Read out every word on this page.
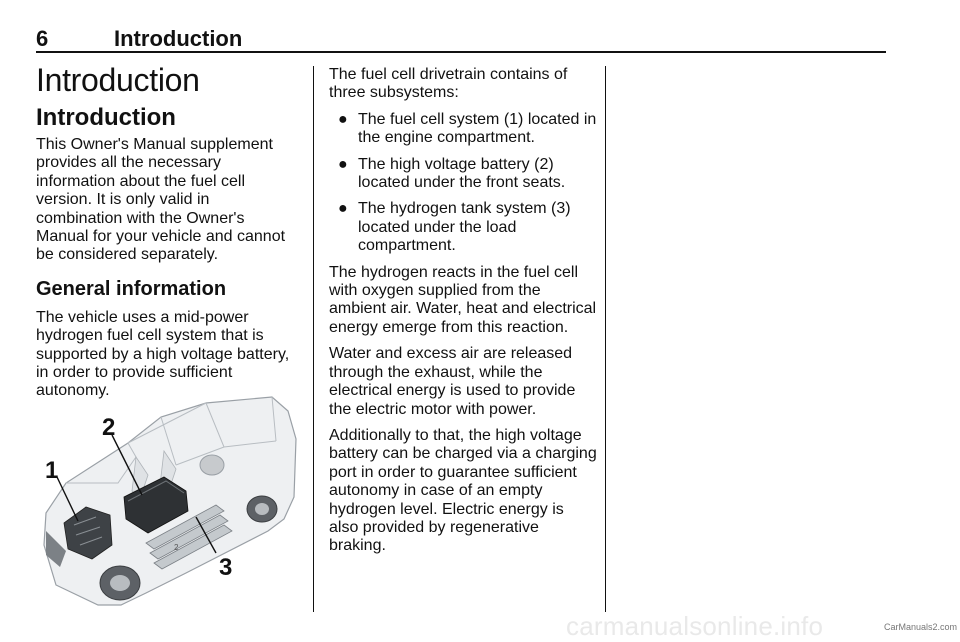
6	Introduction
Introduction
Introduction

This Owner's Manual supplement provides all the necessary information about the fuel cell version. It is only valid in combination with the Owner's Manual for your vehicle and cannot be considered separately.

General information

The vehicle uses a mid-power hydrogen fuel cell system that is supported by a high voltage battery, in order to provide sufficient autonomy.

2
1
2
3

The fuel cell drivetrain contains of three subsystems:

● The fuel cell system (1) located in the engine compartment.
● The high voltage battery (2) located under the front seats.
● The hydrogen tank system (3) located under the load compartment.

The hydrogen reacts in the fuel cell with oxygen supplied from the ambient air. Water, heat and electrical energy emerge from this reaction.

Water and excess air are released through the exhaust, while the electrical energy is used to provide the electric motor with power.

Additionally to that, the high voltage battery can be charged via a charging port in order to guarantee sufficient autonomy in case of an empty hydrogen level. Electric energy is also provided by regenerative braking.

carmanualsonline.info	CarManuals2.com
